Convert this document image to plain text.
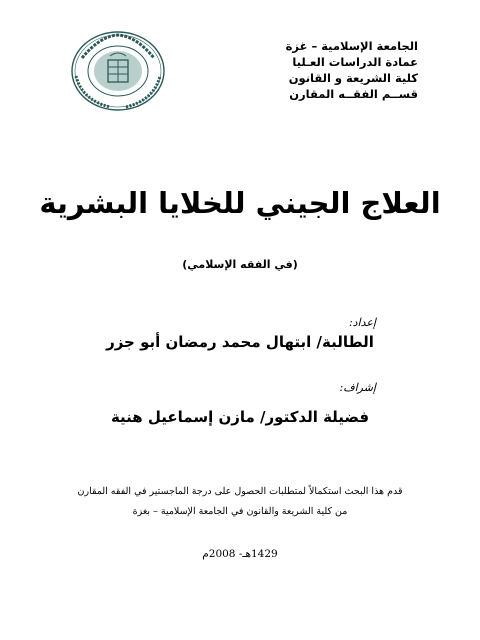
الجامعة الإسلامية – غزة
عمادة الدراسات العـليا
كلية الشريعة و القانون
قســم الفقــه المقارن
العلاج الجيني للخلايا البشرية
(في الفقه الإسلامي)
إعداد:
الطالبة/ ابتهال محمد رمضان أبو جزر
إشراف:
فضيلة الدكتور/ مازن إسماعيل هنية
قدم هذا البحث استكمالاً لمتطلبات الحصول على درجة الماجستير في الفقه المقارن
من كلية الشريعة والقانون في الجامعة الإسلامية – بغزة
1429هـ- 2008م
